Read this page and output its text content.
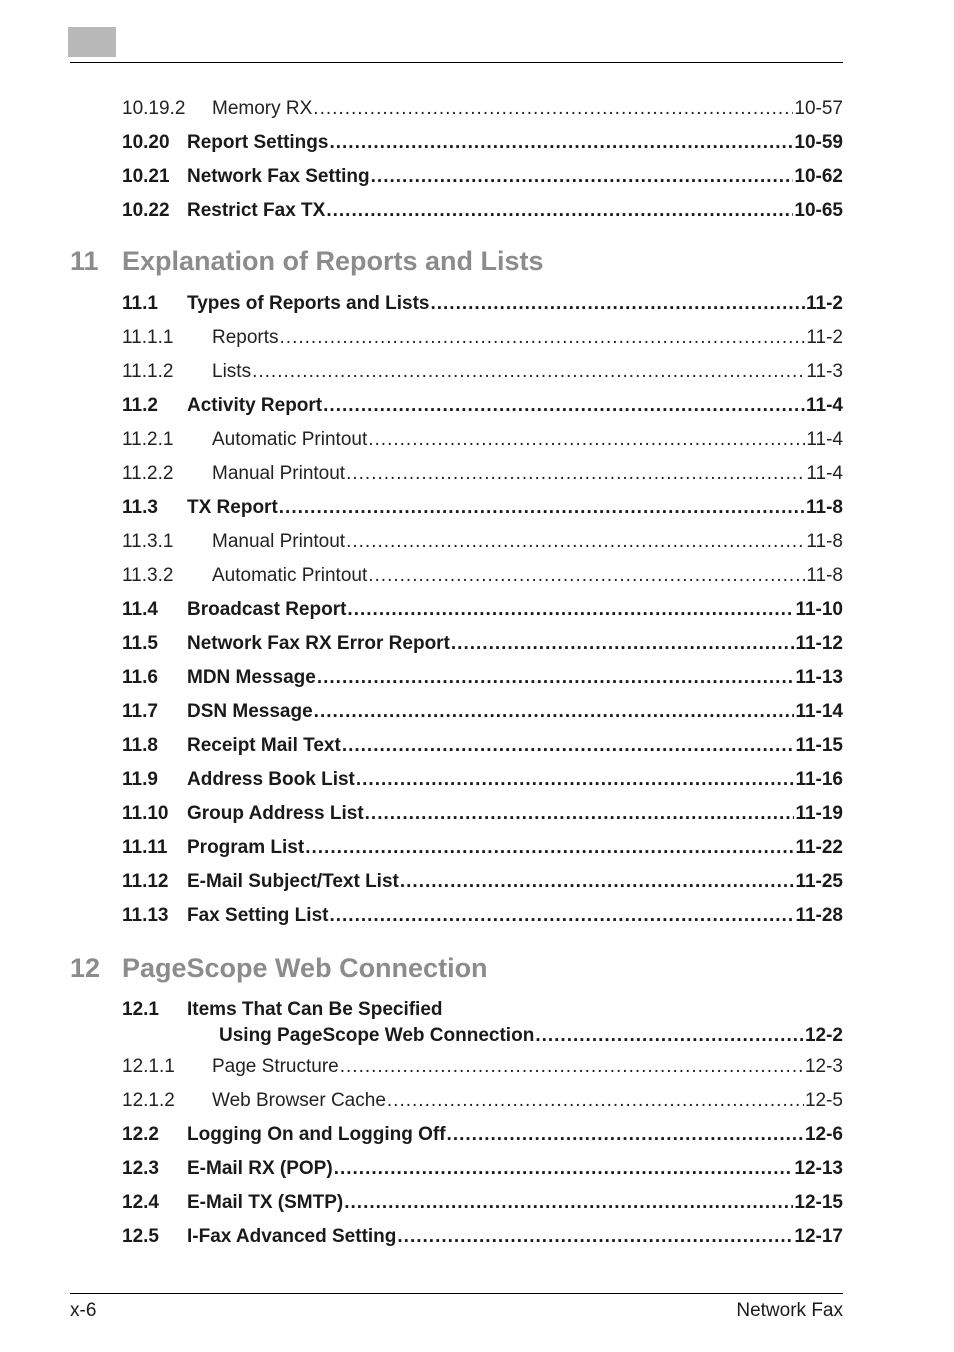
10.19.2	Memory RX .....	10-57
10.20 Report Settings .....	10-59
10.21 Network Fax Setting .....	10-62
10.22 Restrict Fax TX .....	10-65
11 Explanation of Reports and Lists
11.1	Types of Reports and Lists .....	11-2
11.1.1	Reports .....	11-2
11.1.2	Lists .....	11-3
11.2	Activity Report .....	11-4
11.2.1	Automatic Printout .....	11-4
11.2.2	Manual Printout .....	11-4
11.3	TX Report .....	11-8
11.3.1	Manual Printout .....	11-8
11.3.2	Automatic Printout .....	11-8
11.4	Broadcast Report .....	11-10
11.5	Network Fax RX Error Report .....	11-12
11.6	MDN Message .....	11-13
11.7	DSN Message .....	11-14
11.8	Receipt Mail Text .....	11-15
11.9	Address Book List .....	11-16
11.10 Group Address List .....	11-19
11.11	Program List .....	11-22
11.12 E-Mail Subject/Text List .....	11-25
11.13 Fax Setting List .....	11-28
12 PageScope Web Connection
12.1	Items That Can Be Specified
Using PageScope Web Connection .....	12-2
12.1.1	Page Structure .....	12-3
12.1.2	Web Browser Cache .....	12-5
12.2	Logging On and Logging Off .....	12-6
12.3	E-Mail RX (POP) .....	12-13
12.4	E-Mail TX (SMTP) .....	12-15
12.5	I-Fax Advanced Setting .....	12-17
x-6	Network Fax
